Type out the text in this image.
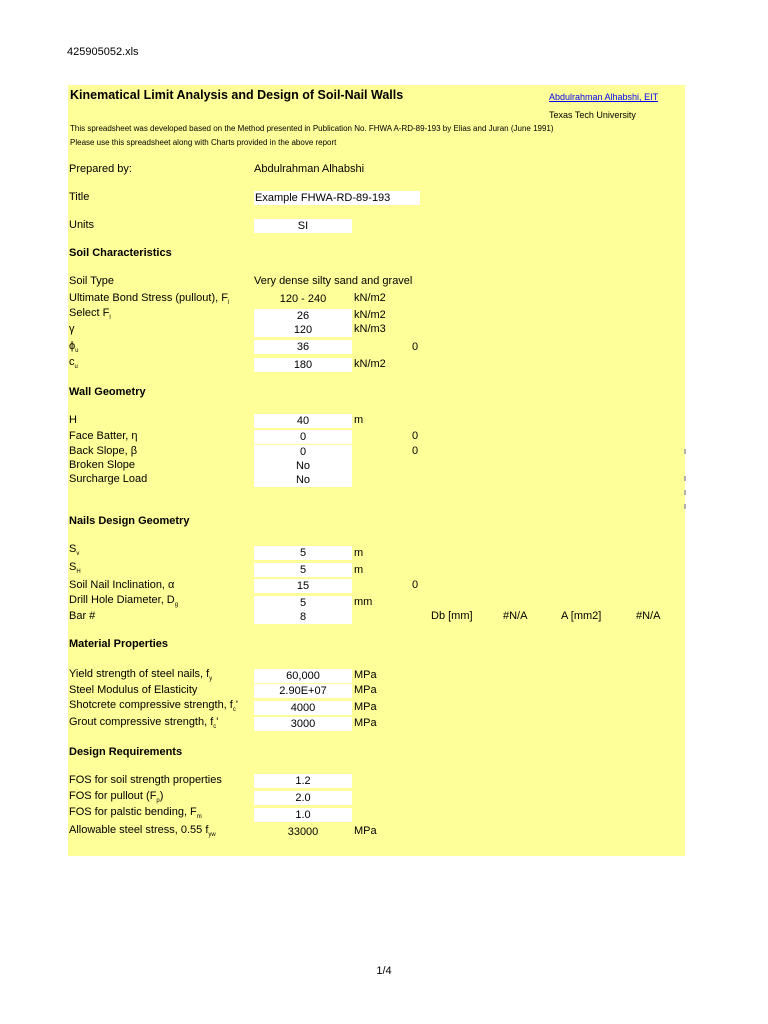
425905052.xls
Kinematical Limit Analysis and Design of Soil-Nail Walls	Abdulrahman Alhabshi, EIT
Texas Tech University
This spreadsheet was developed based on the Method presented in Publication No. FHWA A-RD-89-193 by Elias and Juran (June 1991)
Please use this spreadsheet along with Charts provided in the above report
Prepared by:	Abdulrahman Alhabshi
Title	Example FHWA-RD-89-193
Units	SI
Soil Characteristics
Soil Type	Very dense silty sand and gravel
Ultimate Bond Stress (pullout), $F_l$	120 - 240	kN/m2
Select $F_l$	26	kN/m2
γ	120	kN/m3
$\phi_u$	36	0
$c_u$	180	kN/m2
Wall Geometry
H	40	m
Face Batter, η	0	0
Back Slope, β	0	0
Broken Slope	No
Surcharge Load	No
Nails Design Geometry
$S_v$	5	m
$S_H$	5	m
Soil Nail Inclination, α	15	0
Drill Hole Diameter, $D_g$	5	mm
Bar #	8	Db [mm]	#N/A	A [mm2]	#N/A
Material Properties
Yield strength of steel nails, $f_y$	60,000	MPa
Steel Modulus of Elasticity	2.90E+07	MPa
Shotcrete compressive strength, $f_c'$	4000	MPa
Grout compressive strength, $f_c'$	3000	MPa
Design Requirements
FOS for soil strength properties	1.2
FOS for pullout $(F_p)$	2.0
FOS for palstic bending, $F_m$	1.0
Allowable steel stress, 0.55 $f_{yw}$	33000	MPa
1/4
